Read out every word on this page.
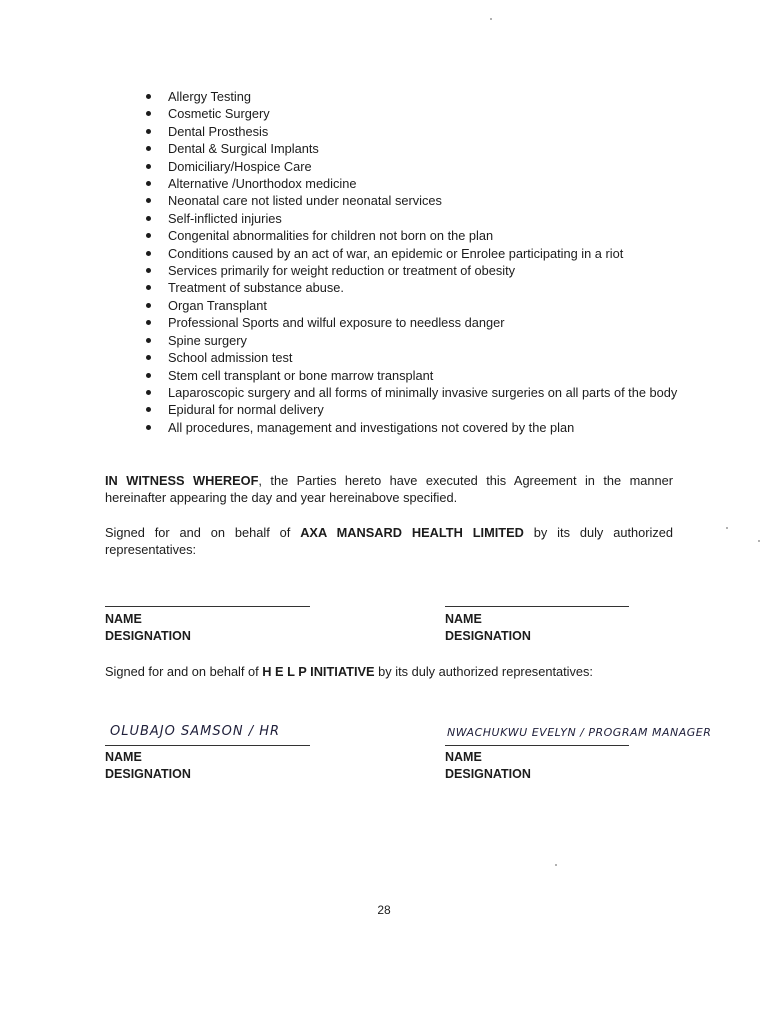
Allergy Testing
Cosmetic Surgery
Dental Prosthesis
Dental & Surgical Implants
Domiciliary/Hospice Care
Alternative /Unorthodox medicine
Neonatal care not listed under neonatal services
Self-inflicted injuries
Congenital abnormalities for children not born on the plan
Conditions caused by an act of war, an epidemic or Enrolee participating in a riot
Services primarily for weight reduction or treatment of obesity
Treatment of substance abuse.
Organ Transplant
Professional Sports and wilful exposure to needless danger
Spine surgery
School admission test
Stem cell transplant or bone marrow transplant
Laparoscopic surgery and all forms of minimally invasive surgeries on all parts of the body
Epidural for normal delivery
All procedures, management and investigations not covered by the plan
IN WITNESS WHEREOF, the Parties hereto have executed this Agreement in the manner hereinafter appearing the day and year hereinabove specified.
Signed for and on behalf of AXA MANSARD HEALTH LIMITED by its duly authorized representatives:
NAME
DESIGNATION
NAME
DESIGNATION
Signed for and on behalf of H E L P INITIATIVE by its duly authorized representatives:
OLUBAJO SAMSON / HR
NAME
DESIGNATION
NWACHUKWU EVELYN / PROGRAM MANAGER
NAME
DESIGNATION
28
